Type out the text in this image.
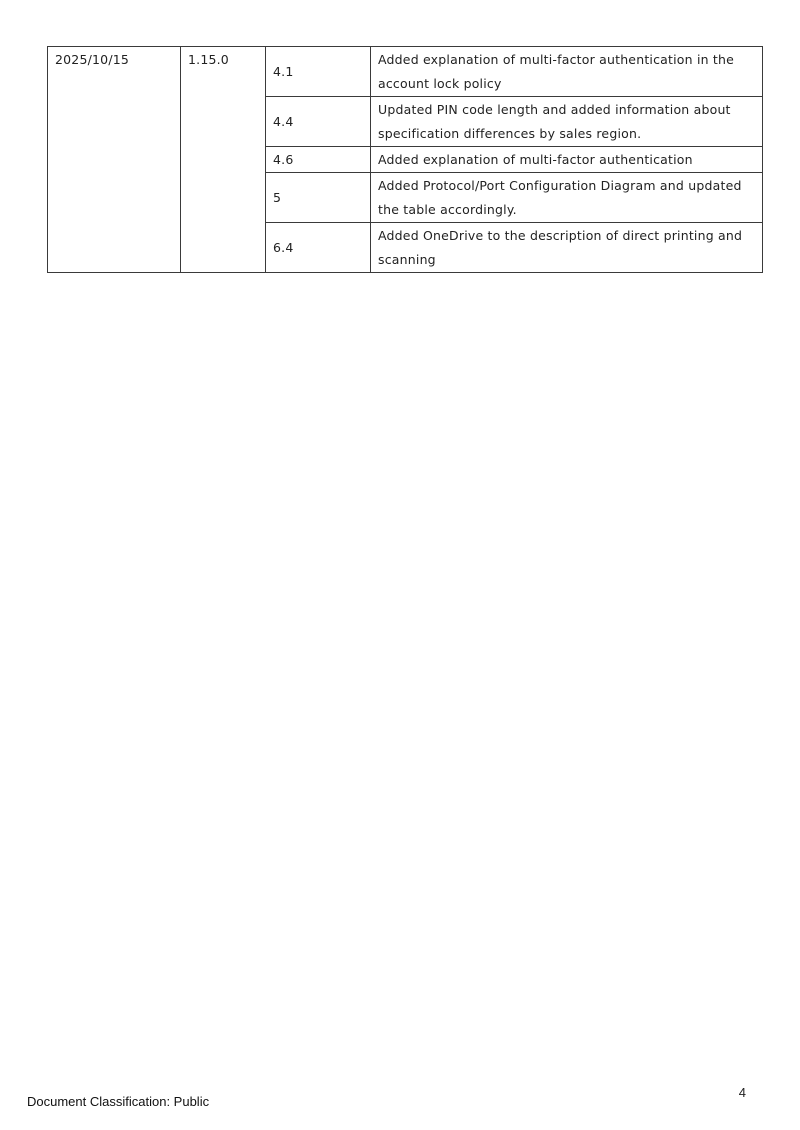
2025/10/15	1.15.0	4.1	Added explanation of multi-factor authentication in the account lock policy
		4.4	Updated PIN code length and added information about specification differences by sales region.
		4.6	Added explanation of multi-factor authentication
		5	Added Protocol/Port Configuration Diagram and updated the table accordingly.
		6.4	Added OneDrive to the description of direct printing and scanning
4
Document Classification: Public
